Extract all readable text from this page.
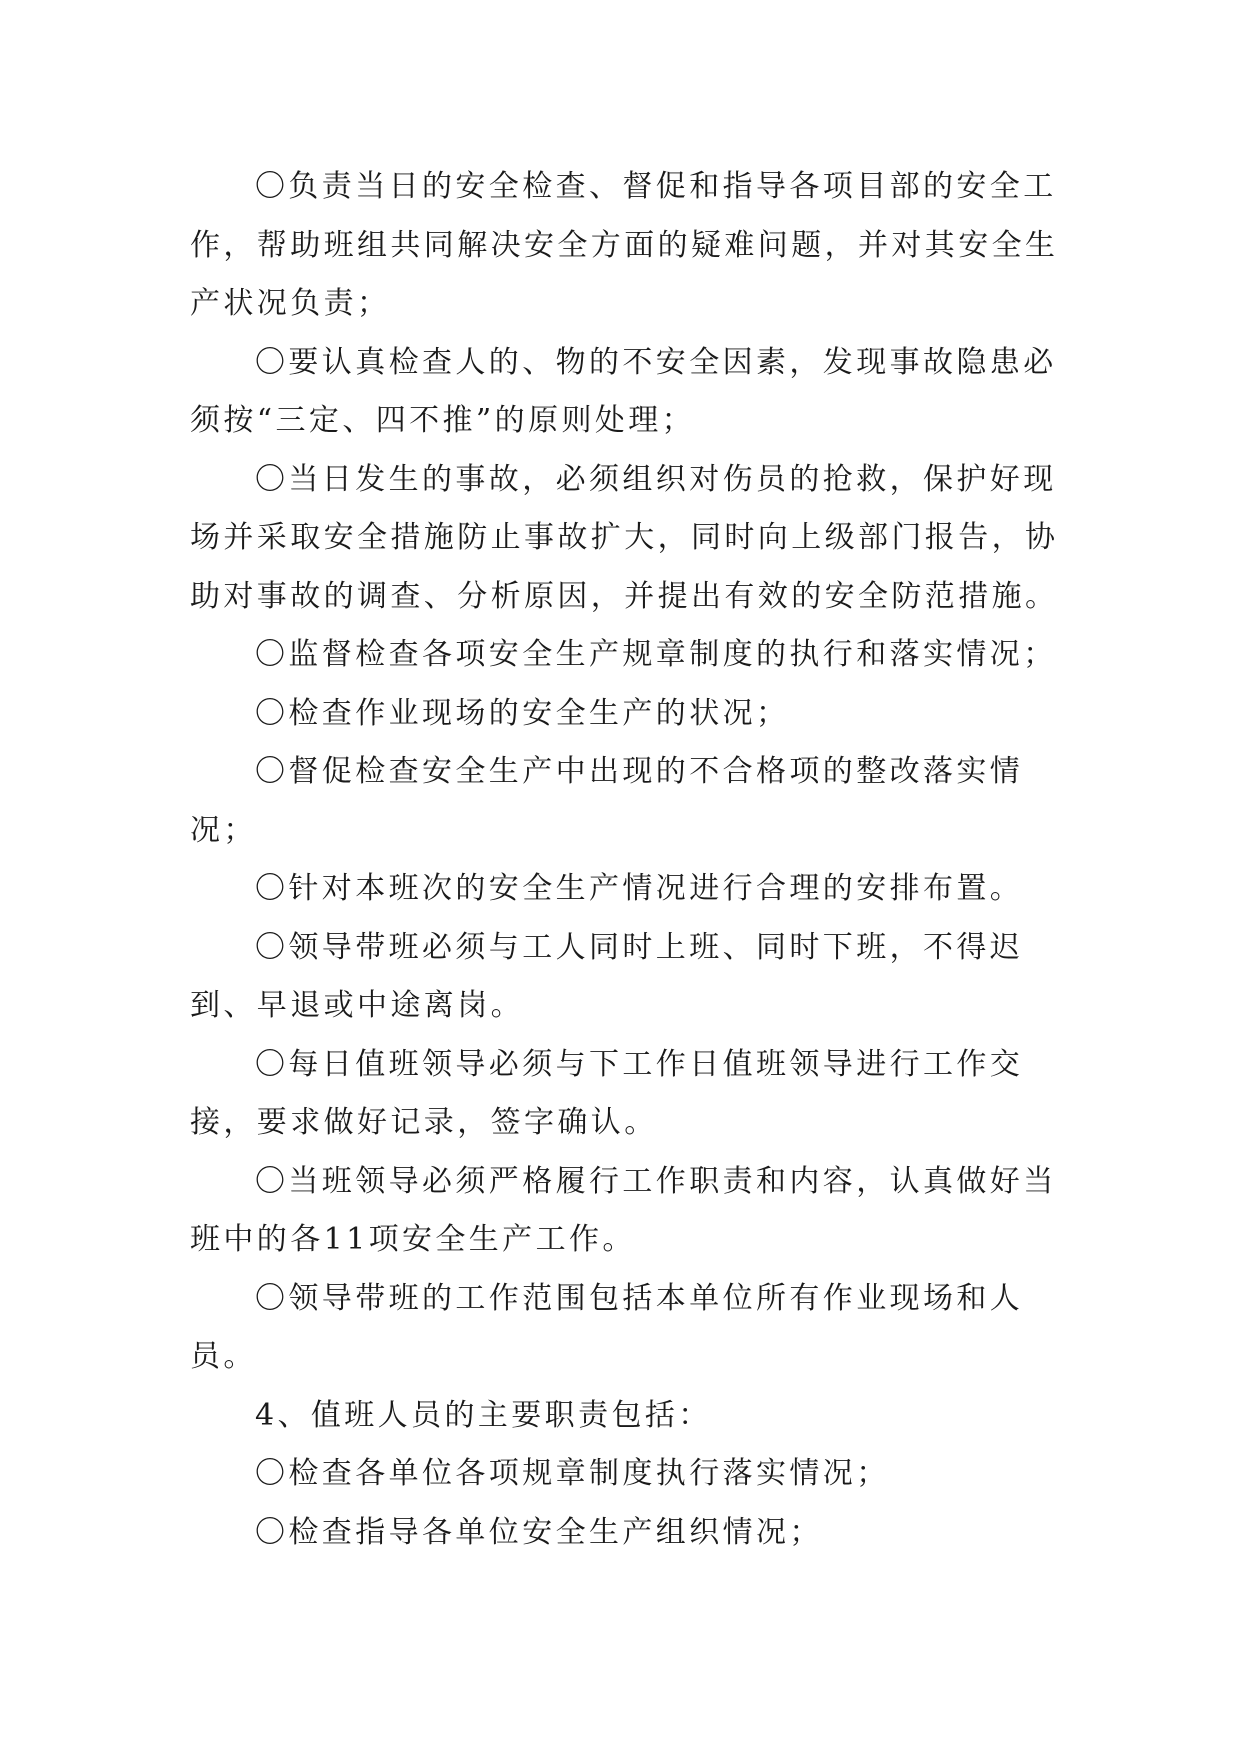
〇负责当日的安全检查、督促和指导各项目部的安全工作，帮助班组共同解决安全方面的疑难问题，并对其安全生产状况负责；

〇要认真检查人的、物的不安全因素，发现事故隐患必须按“三定、四不推”的原则处理；

〇当日发生的事故，必须组织对伤员的抢救，保护好现场并采取安全措施防止事故扩大，同时向上级部门报告，协助对事故的调查、分析原因，并提出有效的安全防范措施。

〇监督检查各项安全生产规章制度的执行和落实情况；

〇检查作业现场的安全生产的状况；

〇督促检查安全生产中出现的不合格项的整改落实情况；

〇针对本班次的安全生产情况进行合理的安排布置。

〇领导带班必须与工人同时上班、同时下班，不得迟到、早退或中途离岗。

〇每日值班领导必须与下工作日值班领导进行工作交接，要求做好记录，签字确认。

〇当班领导必须严格履行工作职责和内容，认真做好当班中的各11项安全生产工作。

〇领导带班的工作范围包括本单位所有作业现场和人员。

4、值班人员的主要职责包括：

〇检查各单位各项规章制度执行落实情况；

〇检查指导各单位安全生产组织情况；
